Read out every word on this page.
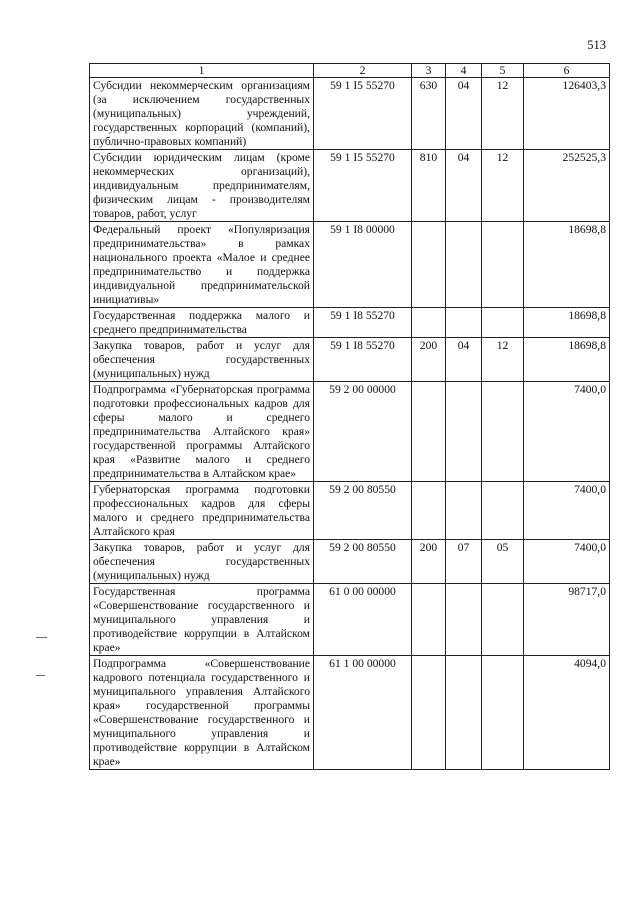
513
1	2	3	4	5	6
Субсидии некоммерческим организациям (за исключением государственных (муниципальных) учреждений, государственных корпораций (компаний), публично-правовых компаний)	59 1 I5 55270	630	04	12	126403,3
Субсидии юридическим лицам (кроме некоммерческих организаций), индивидуальным предпринимателям, физическим лицам - производителям товаров, работ, услуг	59 1 I5 55270	810	04	12	252525,3
Федеральный проект «Популяризация предпринимательства» в рамках национального проекта «Малое и среднее предпринимательство и поддержка индивидуальной предпринимательской инициативы»	59 1 I8 00000				18698,8
Государственная поддержка малого и среднего предпринимательства	59 1 I8 55270				18698,8
Закупка товаров, работ и услуг для обеспечения государственных (муниципальных) нужд	59 1 I8 55270	200	04	12	18698,8
Подпрограмма «Губернаторская программа подготовки профессиональных кадров для сферы малого и среднего предпринимательства Алтайского края» государственной программы Алтайского края «Развитие малого и среднего предпринимательства в Алтайском крае»	59 2 00 00000				7400,0
Губернаторская программа подготовки профессиональных кадров для сферы малого и среднего предпринимательства Алтайского края	59 2 00 80550				7400,0
Закупка товаров, работ и услуг для обеспечения государственных (муниципальных) нужд	59 2 00 80550	200	07	05	7400,0
Государственная программа «Совершенствование государственного и муниципального управления и противодействие коррупции в Алтайском крае»	61 0 00 00000				98717,0
Подпрограмма «Совершенствование кадрового потенциала государственного и муниципального управления Алтайского края» государственной программы «Совершенствование государственного и муниципального управления и противодействие коррупции в Алтайском крае»	61 1 00 00000				4094,0
